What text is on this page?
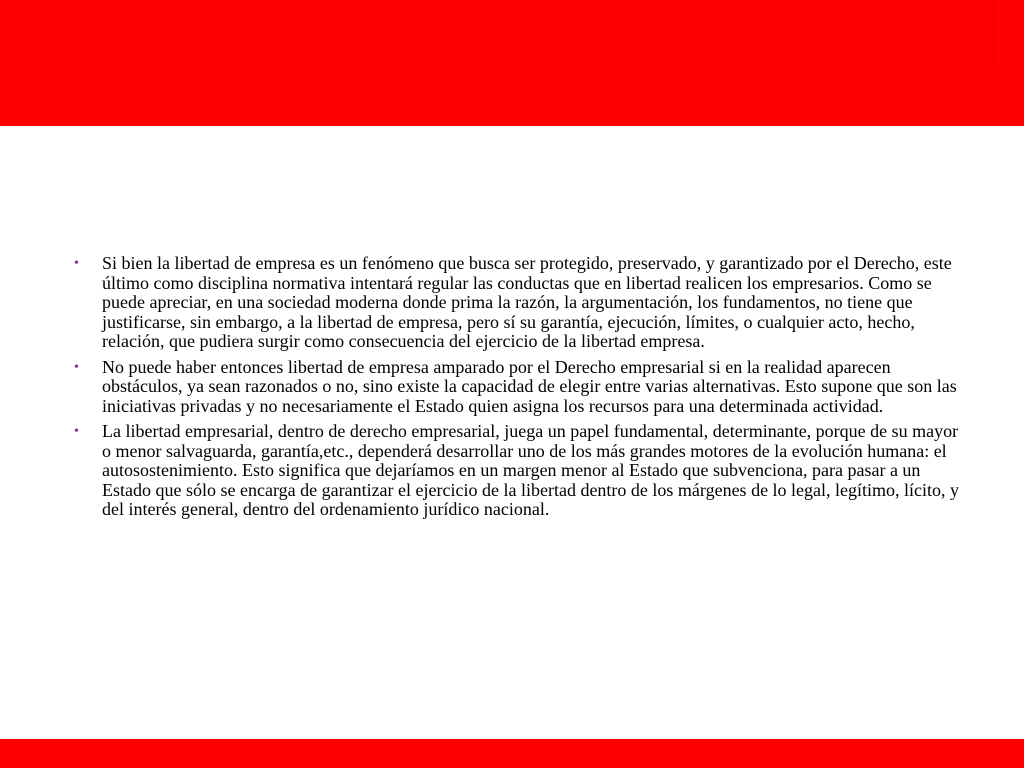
• Si bien la libertad de empresa es un fenómeno que busca ser protegido, preservado, y garantizado por el Derecho, este último como disciplina normativa intentará regular las conductas que en libertad realicen los empresarios. Como se puede apreciar, en una sociedad moderna donde prima la razón, la argumentación, los fundamentos, no tiene que justificarse, sin embargo, a la libertad de empresa, pero sí su garantía, ejecución, límites, o cualquier acto, hecho, relación, que pudiera surgir como consecuencia del ejercicio de la libertad empresa.
• No puede haber entonces libertad de empresa amparado por el Derecho empresarial si en la realidad aparecen obstáculos, ya sean razonados o no, sino existe la capacidad de elegir entre varias alternativas. Esto supone que son las iniciativas privadas y no necesariamente el Estado quien asigna los recursos para una determinada actividad.
• La libertad empresarial, dentro de derecho empresarial, juega un papel fundamental, determinante, porque de su mayor o menor salvaguarda, garantía,etc., dependerá desarrollar uno de los más grandes motores de la evolución humana: el autosostenimiento. Esto significa que dejaríamos en un margen menor al Estado que subvenciona, para pasar a un Estado que sólo se encarga de garantizar el ejercicio de la libertad dentro de los márgenes de lo legal, legítimo, lícito, y del interés general, dentro del ordenamiento jurídico nacional.
